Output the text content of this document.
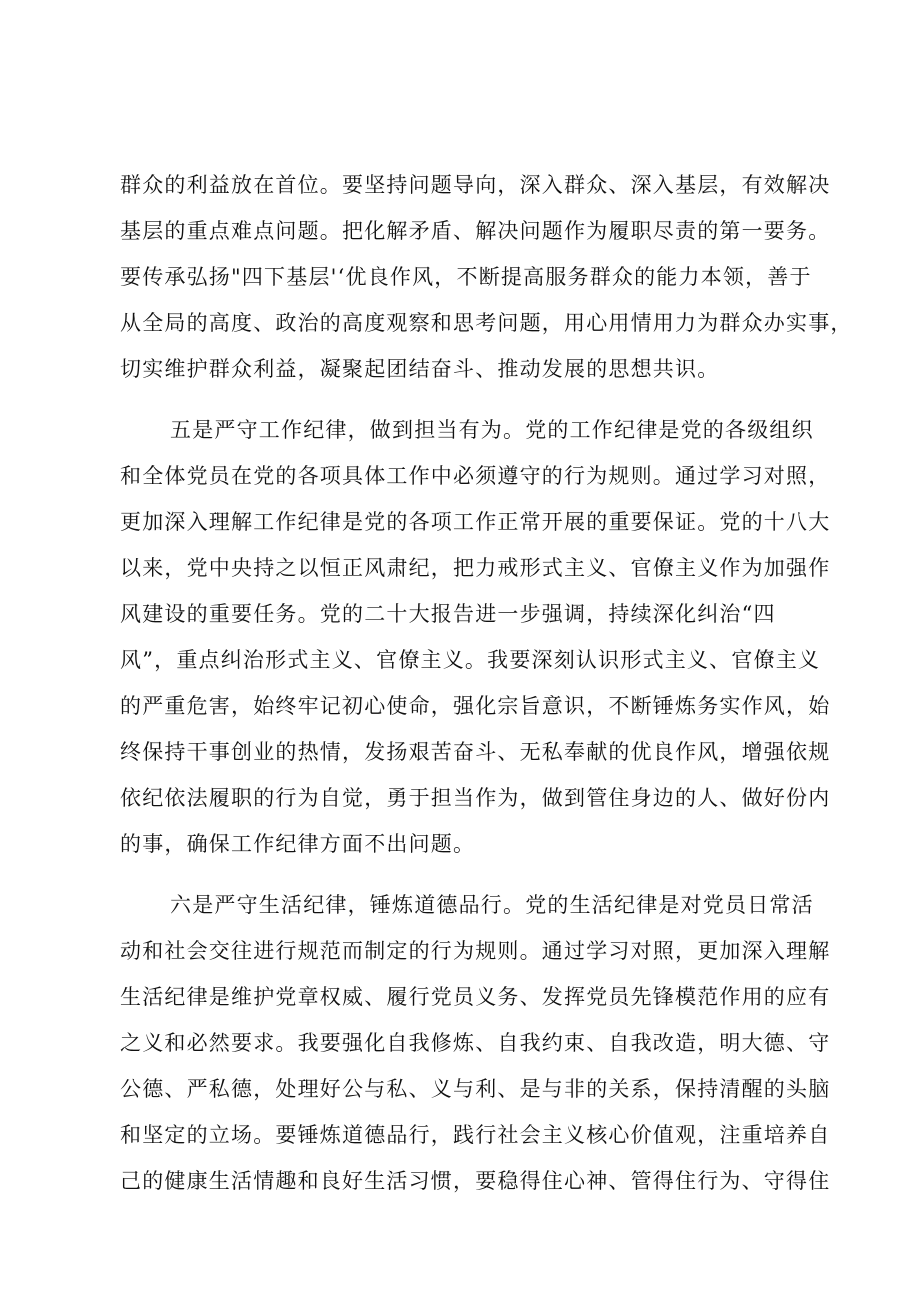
群众的利益放在首位。要坚持问题导向，深入群众、深入基层，有效解决
基层的重点难点问题。把化解矛盾、解决问题作为履职尽责的第一要务。
要传承弘扬"四下基层'‘优良作风，不断提高服务群众的能力本领，善于
从全局的高度、政治的高度观察和思考问题，用心用情用力为群众办实事，
切实维护群众利益，凝聚起团结奋斗、推动发展的思想共识。
五是严守工作纪律，做到担当有为。党的工作纪律是党的各级组织
和全体党员在党的各项具体工作中必须遵守的行为规则。通过学习对照，
更加深入理解工作纪律是党的各项工作正常开展的重要保证。党的十八大
以来，党中央持之以恒正风肃纪，把力戒形式主义、官僚主义作为加强作
风建设的重要任务。党的二十大报告进一步强调，持续深化纠治“四
风”，重点纠治形式主义、官僚主义。我要深刻认识形式主义、官僚主义
的严重危害，始终牢记初心使命，强化宗旨意识，不断锤炼务实作风，始
终保持干事创业的热情，发扬艰苦奋斗、无私奉献的优良作风，增强依规
依纪依法履职的行为自觉，勇于担当作为，做到管住身边的人、做好份内
的事，确保工作纪律方面不出问题。
六是严守生活纪律，锤炼道德品行。党的生活纪律是对党员日常活
动和社会交往进行规范而制定的行为规则。通过学习对照，更加深入理解
生活纪律是维护党章权威、履行党员义务、发挥党员先锋模范作用的应有
之义和必然要求。我要强化自我修炼、自我约束、自我改造，明大德、守
公德、严私德，处理好公与私、义与利、是与非的关系，保持清醒的头脑
和坚定的立场。要锤炼道德品行，践行社会主义核心价值观，注重培养自
己的健康生活情趣和良好生活习惯，要稳得住心神、管得住行为、守得住
